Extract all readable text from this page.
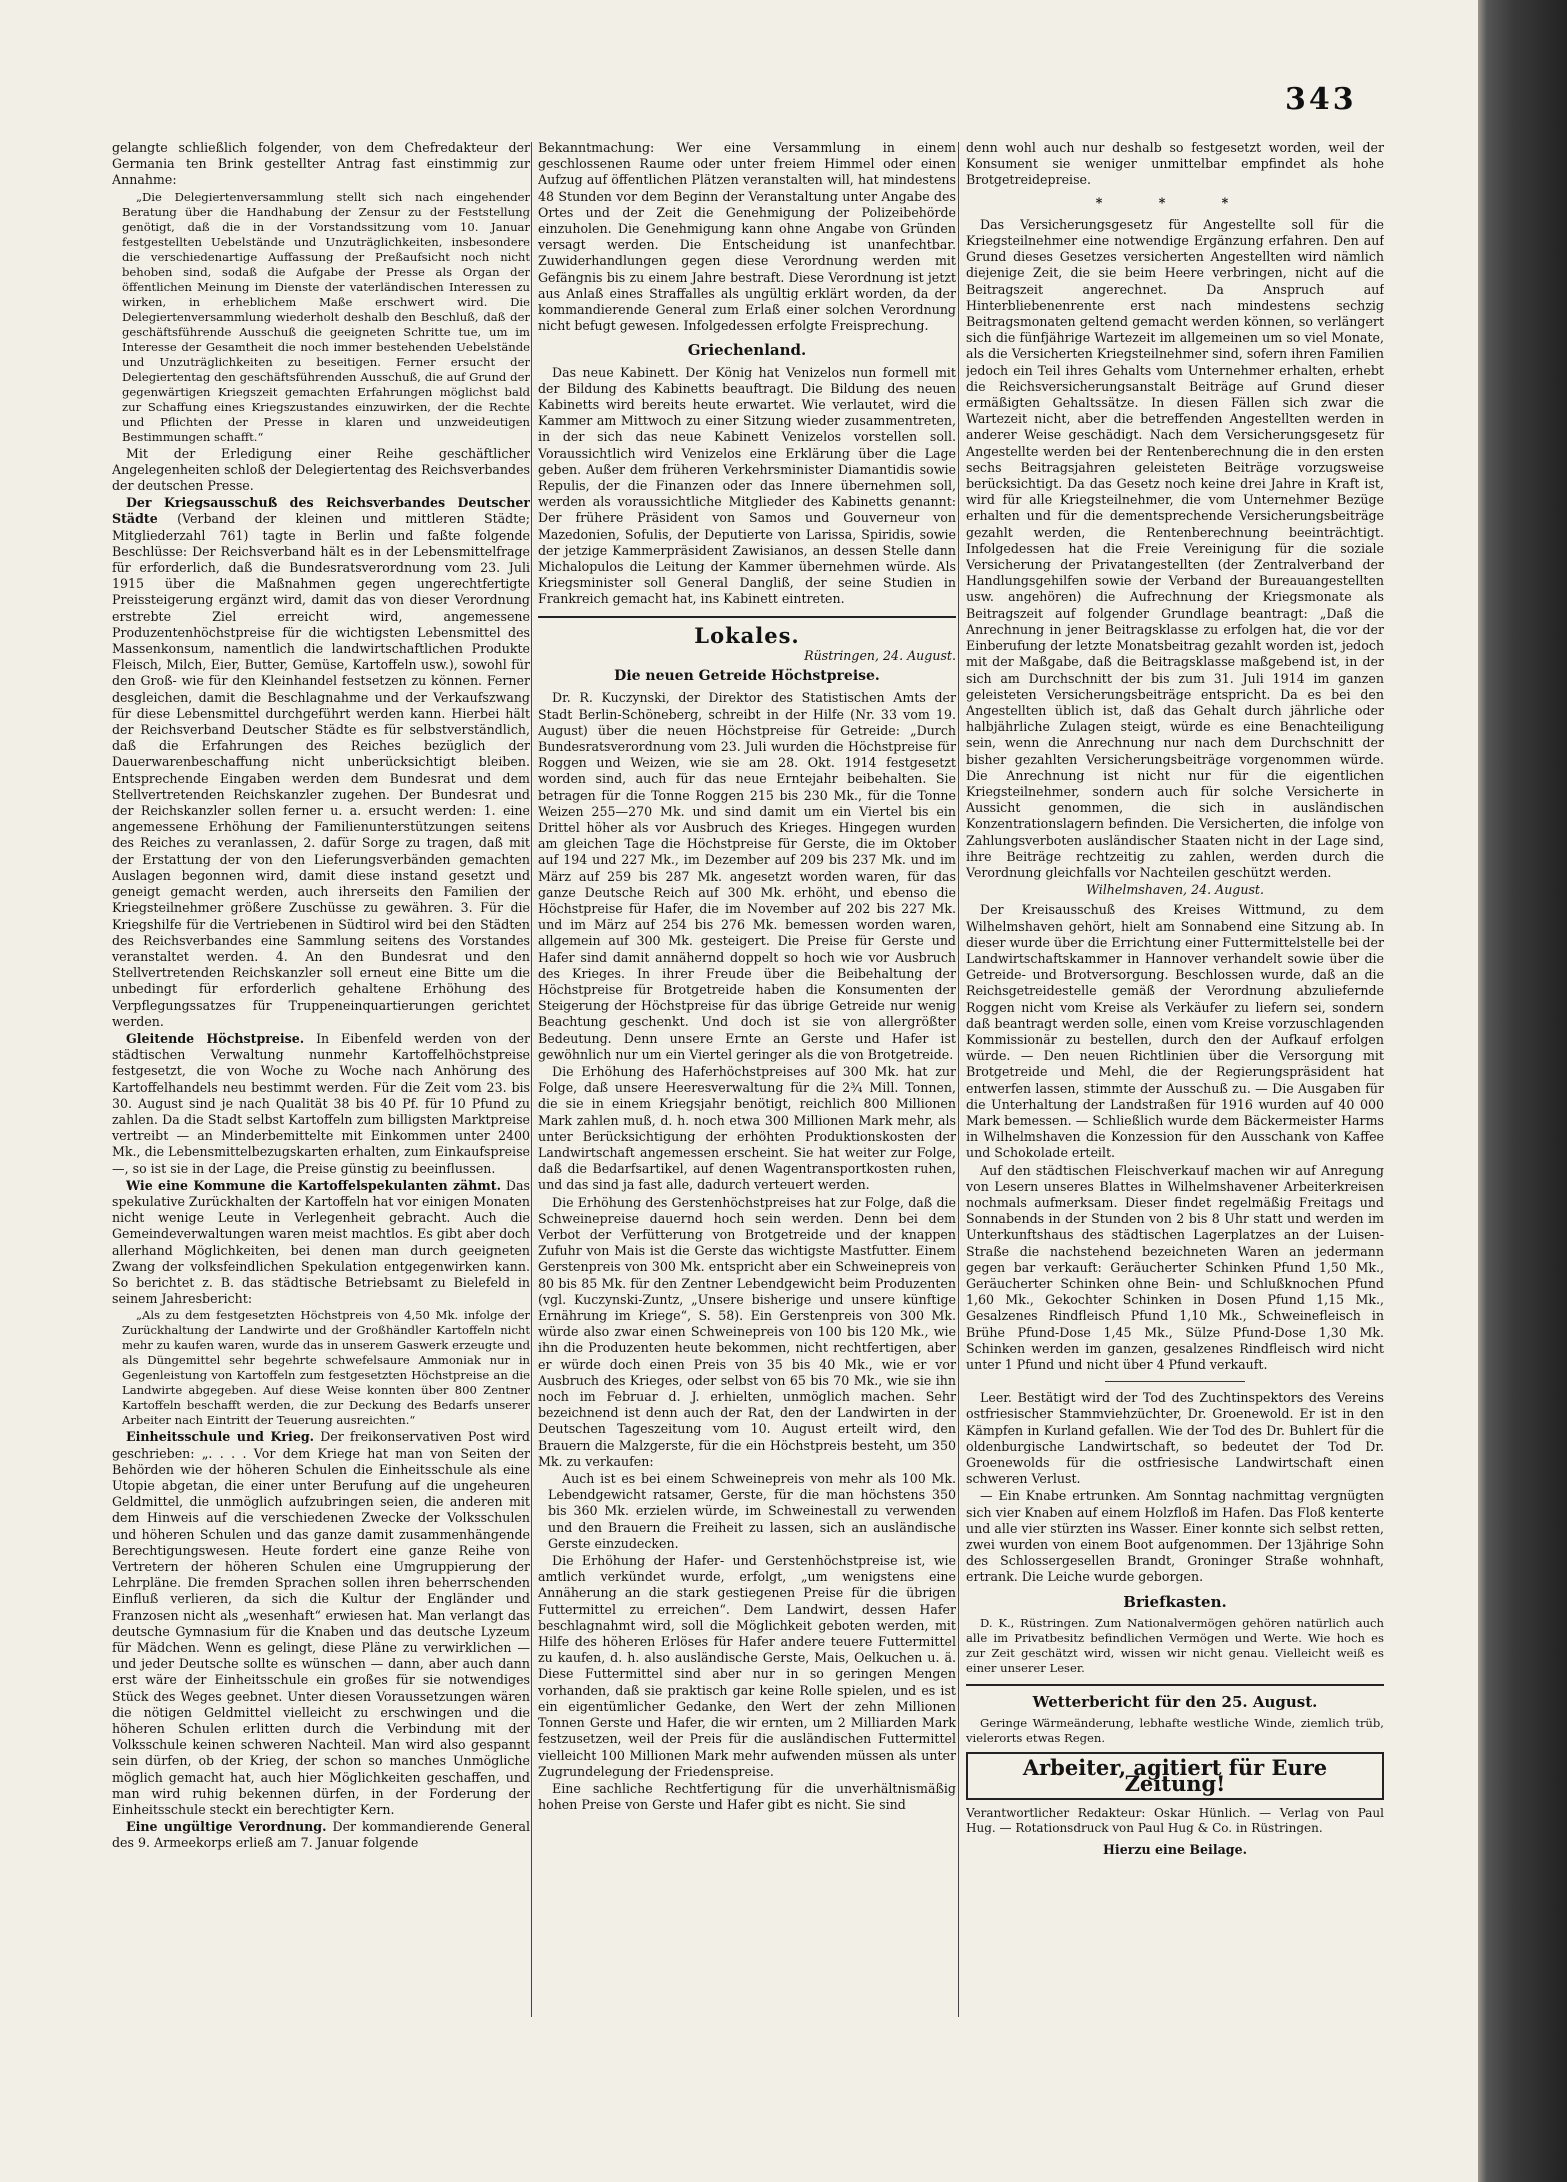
343

gelangte schließlich folgender, von dem Chefredakteur der Germania ten Brink gestellter Antrag fast einstimmig zur Annahme:

„Die Delegiertenversammlung stellt sich nach eingehender Beratung über die Handhabung der Zensur zu der Feststellung genötigt, daß die in der Vorstandssitzung vom 10. Januar festgestellten Uebelstände und Unzuträglichkeiten, insbesondere die verschiedenartige Auffassung der Preßaufsicht noch nicht behoben sind, sodaß die Aufgabe der Presse als Organ der öffentlichen Meinung im Dienste der vaterländischen Interessen zu wirken, in erheblichem Maße erschwert wird. Die Delegiertenversammlung wiederholt deshalb den Beschluß, daß der geschäftsführende Ausschuß die geeigneten Schritte tue, um im Interesse der Gesamtheit die noch immer bestehenden Uebelstände und Unzuträglichkeiten zu beseitigen. Ferner ersucht der Delegiertentag den geschäftsführenden Ausschuß, die auf Grund der gegenwärtigen Kriegszeit gemachten Erfahrungen möglichst bald zur Schaffung eines Kriegszustandes einzuwirken, der die Rechte und Pflichten der Presse in klaren und unzweideutigen Bestimmungen schafft.“

Mit der Erledigung einer Reihe geschäftlicher Angelegenheiten schloß der Delegiertentag des Reichsverbandes der deutschen Presse.

Der Kriegsausschuß des Reichsverbandes Deutscher Städte (Verband der kleinen und mittleren Städte; Mitgliederzahl 761) tagte in Berlin und faßte folgende Beschlüsse: Der Reichsverband hält es in der Lebensmittelfrage für erforderlich, daß die Bundesratsverordnung vom 23. Juli 1915 über die Maßnahmen gegen ungerechtfertigte Preissteigerung ergänzt wird, damit das von dieser Verordnung erstrebte Ziel erreicht wird, angemessene Produzentenhöchstpreise für die wichtigsten Lebensmittel des Massenkonsum, namentlich die landwirtschaftlichen Produkte Fleisch, Milch, Eier, Butter, Gemüse, Kartoffeln usw.), sowohl für den Groß- wie für den Kleinhandel festsetzen zu können. Ferner desgleichen, damit die Beschlagnahme und der Verkaufszwang für diese Lebensmittel durchgeführt werden kann. Hierbei hält der Reichsverband Deutscher Städte es für selbstverständlich, daß die Erfahrungen des Reiches bezüglich der Dauerwarenbeschaffung nicht unberücksichtigt bleiben. Entsprechende Eingaben werden dem Bundesrat und dem Stellvertretenden Reichskanzler zugehen. Der Bundesrat und der Reichskanzler sollen ferner u. a. ersucht werden: 1. eine angemessene Erhöhung der Familienunterstützungen seitens des Reiches zu veranlassen, 2. dafür Sorge zu tragen, daß mit der Erstattung der von den Lieferungsverbänden gemachten Auslagen begonnen wird, damit diese instand gesetzt und geneigt gemacht werden, auch ihrerseits den Familien der Kriegsteilnehmer größere Zuschüsse zu gewähren. 3. Für die Kriegshilfe für die Vertriebenen in Südtirol wird bei den Städten des Reichsverbandes eine Sammlung seitens des Vorstandes veranstaltet werden. 4. An den Bundesrat und den Stellvertretenden Reichskanzler soll erneut eine Bitte um die unbedingt für erforderlich gehaltene Erhöhung des Verpflegungssatzes für Truppeneinquartierungen gerichtet werden.

Gleitende Höchstpreise. In Eibenfeld werden von der städtischen Verwaltung nunmehr Kartoffelhöchstpreise festgesetzt, die von Woche zu Woche nach Anhörung des Kartoffelhandels neu bestimmt werden. Für die Zeit vom 23. bis 30. August sind je nach Qualität 38 bis 40 Pf. für 10 Pfund zu zahlen. Da die Stadt selbst Kartoffeln zum billigsten Marktpreise vertreibt — an Minderbemittelte mit Einkommen unter 2400 Mk., die Lebensmittelbezugskarten erhalten, zum Einkaufspreise —, so ist sie in der Lage, die Preise günstig zu beeinflussen.

Wie eine Kommune die Kartoffelspekulanten zähmt. Das spekulative Zurückhalten der Kartoffeln hat vor einigen Monaten nicht wenige Leute in Verlegenheit gebracht. Auch die Gemeindeverwaltungen waren meist machtlos. Es gibt aber doch allerhand Möglichkeiten, bei denen man durch geeigneten Zwang der volksfeindlichen Spekulation entgegenwirken kann. So berichtet z. B. das städtische Betriebsamt zu Bielefeld in seinem Jahresbericht:

„Als zu dem festgesetzten Höchstpreis von 4,50 Mk. infolge der Zurückhaltung der Landwirte und der Großhändler Kartoffeln nicht mehr zu kaufen waren, wurde das in unserem Gaswerk erzeugte und als Düngemittel sehr begehrte schwefelsaure Ammoniak nur in Gegenleistung von Kartoffeln zum festgesetzten Höchstpreise an die Landwirte abgegeben. Auf diese Weise konnten über 800 Zentner Kartoffeln beschafft werden, die zur Deckung des Bedarfs unserer Arbeiter nach Eintritt der Teuerung ausreichten.“

Einheitsschule und Krieg. Der freikonservativen Post wird geschrieben: „. . . . Vor dem Kriege hat man von Seiten der Behörden wie der höheren Schulen die Einheitsschule als eine Utopie abgetan, die einer unter Berufung auf die ungeheuren Geldmittel, die unmöglich aufzubringen seien, die anderen mit dem Hinweis auf die verschiedenen Zwecke der Volksschulen und höheren Schulen und das ganze damit zusammenhängende Berechtigungswesen. Heute fordert eine ganze Reihe von Vertretern der höheren Schulen eine Umgruppierung der Lehrpläne. Die fremden Sprachen sollen ihren beherrschenden Einfluß verlieren, da sich die Kultur der Engländer und Franzosen nicht als „wesenhaft“ erwiesen hat. Man verlangt das deutsche Gymnasium für die Knaben und das deutsche Lyzeum für Mädchen. Wenn es gelingt, diese Pläne zu verwirklichen — und jeder Deutsche sollte es wünschen — dann, aber auch dann erst wäre der Einheitsschule ein großes für sie notwendiges Stück des Weges geebnet. Unter diesen Voraussetzungen wären die nötigen Geldmittel vielleicht zu erschwingen und die höheren Schulen erlitten durch die Verbindung mit der Volksschule keinen schweren Nachteil. Man wird also gespannt sein dürfen, ob der Krieg, der schon so manches Unmögliche möglich gemacht hat, auch hier Möglichkeiten geschaffen, und man wird ruhig bekennen dürfen, in der Forderung der Einheitsschule steckt ein berechtigter Kern.

Eine ungültige Verordnung. Der kommandierende General des 9. Armeekorps erließ am 7. Januar folgende

Bekanntmachung: Wer eine Versammlung in einem geschlossenen Raume oder unter freiem Himmel oder einen Aufzug auf öffentlichen Plätzen veranstalten will, hat mindestens 48 Stunden vor dem Beginn der Veranstaltung unter Angabe des Ortes und der Zeit die Genehmigung der Polizeibehörde einzuholen. Die Genehmigung kann ohne Angabe von Gründen versagt werden. Die Entscheidung ist unanfechtbar. Zuwiderhandlungen gegen diese Verordnung werden mit Gefängnis bis zu einem Jahre bestraft. Diese Verordnung ist jetzt aus Anlaß eines Straffalles als ungültig erklärt worden, da der kommandierende General zum Erlaß einer solchen Verordnung nicht befugt gewesen. Infolgedessen erfolgte Freisprechung.

Griechenland.

Das neue Kabinett. Der König hat Venizelos nun formell mit der Bildung des Kabinetts beauftragt. Die Bildung des neuen Kabinetts wird bereits heute erwartet. Wie verlautet, wird die Kammer am Mittwoch zu einer Sitzung wieder zusammentreten, in der sich das neue Kabinett Venizelos vorstellen soll. Voraussichtlich wird Venizelos eine Erklärung über die Lage geben. Außer dem früheren Verkehrsminister Diamantidis sowie Repulis, der die Finanzen oder das Innere übernehmen soll, werden als voraussichtliche Mitglieder des Kabinetts genannt: Der frühere Präsident von Samos und Gouverneur von Mazedonien, Sofulis, der Deputierte von Larissa, Spiridis, sowie der jetzige Kammerpräsident Zawisianos, an dessen Stelle dann Michalopulos die Leitung der Kammer übernehmen würde. Als Kriegsminister soll General Dangliß, der seine Studien in Frankreich gemacht hat, ins Kabinett eintreten.

Lokales.
Rüstringen, 24. August.
Die neuen Getreide Höchstpreise.

Dr. R. Kuczynski, der Direktor des Statistischen Amts der Stadt Berlin-Schöneberg, schreibt in der Hilfe (Nr. 33 vom 19. August) über die neuen Höchstpreise für Getreide: „Durch Bundesratsverordnung vom 23. Juli wurden die Höchstpreise für Roggen und Weizen, wie sie am 28. Okt. 1914 festgesetzt worden sind, auch für das neue Erntejahr beibehalten. Sie betragen für die Tonne Roggen 215 bis 230 Mk., für die Tonne Weizen 255—270 Mk. und sind damit um ein Viertel bis ein Drittel höher als vor Ausbruch des Krieges. Hingegen wurden am gleichen Tage die Höchstpreise für Gerste, die im Oktober auf 194 und 227 Mk., im Dezember auf 209 bis 237 Mk. und im März auf 259 bis 287 Mk. angesetzt worden waren, für das ganze Deutsche Reich auf 300 Mk. erhöht, und ebenso die Höchstpreise für Hafer, die im November auf 202 bis 227 Mk. und im März auf 254 bis 276 Mk. bemessen worden waren, allgemein auf 300 Mk. gesteigert. Die Preise für Gerste und Hafer sind damit annähernd doppelt so hoch wie vor Ausbruch des Krieges. In ihrer Freude über die Beibehaltung der Höchstpreise für Brotgetreide haben die Konsumenten der Steigerung der Höchstpreise für das übrige Getreide nur wenig Beachtung geschenkt. Und doch ist sie von allergrößter Bedeutung. Denn unsere Ernte an Gerste und Hafer ist gewöhnlich nur um ein Viertel geringer als die von Brotgetreide.

Die Erhöhung des Haferhöchstpreises auf 300 Mk. hat zur Folge, daß unsere Heeresverwaltung für die 2¾ Mill. Tonnen, die sie in einem Kriegsjahr benötigt, reichlich 800 Millionen Mark zahlen muß, d. h. noch etwa 300 Millionen Mark mehr, als unter Berücksichtigung der erhöhten Produktionskosten der Landwirtschaft angemessen erscheint. Sie hat weiter zur Folge, daß die Bedarfsartikel, auf denen Wagentransportkosten ruhen, und das sind ja fast alle, dadurch verteuert werden.

Die Erhöhung des Gerstenhöchstpreises hat zur Folge, daß die Schweinepreise dauernd hoch sein werden. Denn bei dem Verbot der Verfütterung von Brotgetreide und der knappen Zufuhr von Mais ist die Gerste das wichtigste Mastfutter. Einem Gerstenpreis von 300 Mk. entspricht aber ein Schweinepreis von 80 bis 85 Mk. für den Zentner Lebendgewicht beim Produzenten (vgl. Kuczynski-Zuntz, „Unsere bisherige und unsere künftige Ernährung im Kriege“, S. 58). Ein Gerstenpreis von 300 Mk. würde also zwar einen Schweinepreis von 100 bis 120 Mk., wie ihn die Produzenten heute bekommen, nicht rechtfertigen, aber er würde doch einen Preis von 35 bis 40 Mk., wie er vor Ausbruch des Krieges, oder selbst von 65 bis 70 Mk., wie sie ihn noch im Februar d. J. erhielten, unmöglich machen. Sehr bezeichnend ist denn auch der Rat, den der Landwirten in der Deutschen Tageszeitung vom 10. August erteilt wird, den Brauern die Malzgerste, für die ein Höchstpreis besteht, um 350 Mk. zu verkaufen:

Auch ist es bei einem Schweinepreis von mehr als 100 Mk. Lebendgewicht ratsamer, Gerste, für die man höchstens 350 bis 360 Mk. erzielen würde, im Schweinestall zu verwenden und den Brauern die Freiheit zu lassen, sich an ausländische Gerste einzudecken.

Die Erhöhung der Hafer- und Gerstenhöchstpreise ist, wie amtlich verkündet wurde, erfolgt, „um wenigstens eine Annäherung an die stark gestiegenen Preise für die übrigen Futtermittel zu erreichen“. Dem Landwirt, dessen Hafer beschlagnahmt wird, soll die Möglichkeit geboten werden, mit Hilfe des höheren Erlöses für Hafer andere teuere Futtermittel zu kaufen, d. h. also ausländische Gerste, Mais, Oelkuchen u. ä. Diese Futtermittel sind aber nur in so geringen Mengen vorhanden, daß sie praktisch gar keine Rolle spielen, und es ist ein eigentümlicher Gedanke, den Wert der zehn Millionen Tonnen Gerste und Hafer, die wir ernten, um 2 Milliarden Mark festzusetzen, weil der Preis für die ausländischen Futtermittel vielleicht 100 Millionen Mark mehr aufwenden müssen als unter Zugrundelegung der Friedenspreise.

Eine sachliche Rechtfertigung für die unverhältnismäßig hohen Preise von Gerste und Hafer gibt es nicht. Sie sind

denn wohl auch nur deshalb so festgesetzt worden, weil der Konsument sie weniger unmittelbar empfindet als hohe Brotgetreidepreise.

* * *

Das Versicherungsgesetz für Angestellte soll für die Kriegsteilnehmer eine notwendige Ergänzung erfahren. Den auf Grund dieses Gesetzes versicherten Angestellten wird nämlich diejenige Zeit, die sie beim Heere verbringen, nicht auf die Beitragszeit angerechnet. Da Anspruch auf Hinterbliebenenrente erst nach mindestens sechzig Beitragsmonaten geltend gemacht werden können, so verlängert sich die fünfjährige Wartezeit im allgemeinen um so viel Monate, als die Versicherten Kriegsteilnehmer sind, sofern ihren Familien jedoch ein Teil ihres Gehalts vom Unternehmer erhalten, erhebt die Reichsversicherungsanstalt Beiträge auf Grund dieser ermäßigten Gehaltssätze. In diesen Fällen sich zwar die Wartezeit nicht, aber die betreffenden Angestellten werden in anderer Weise geschädigt. Nach dem Versicherungsgesetz für Angestellte werden bei der Rentenberechnung die in den ersten sechs Beitragsjahren geleisteten Beiträge vorzugsweise berücksichtigt. Da das Gesetz noch keine drei Jahre in Kraft ist, wird für alle Kriegsteilnehmer, die vom Unternehmer Bezüge erhalten und für die dementsprechende Versicherungsbeiträge gezahlt werden, die Rentenberechnung beeinträchtigt. Infolgedessen hat die Freie Vereinigung für die soziale Versicherung der Privatangestellten (der Zentralverband der Handlungsgehilfen sowie der Verband der Bureauangestellten usw. angehören) die Aufrechnung der Kriegsmonate als Beitragszeit auf folgender Grundlage beantragt: „Daß die Anrechnung in jener Beitragsklasse zu erfolgen hat, die vor der Einberufung der letzte Monatsbeitrag gezahlt worden ist, jedoch mit der Maßgabe, daß die Beitragsklasse maßgebend ist, in der sich am Durchschnitt der bis zum 31. Juli 1914 im ganzen geleisteten Versicherungsbeiträge entspricht. Da es bei den Angestellten üblich ist, daß das Gehalt durch jährliche oder halbjährliche Zulagen steigt, würde es eine Benachteiligung sein, wenn die Anrechnung nur nach dem Durchschnitt der bisher gezahlten Versicherungsbeiträge vorgenommen würde. Die Anrechnung ist nicht nur für die eigentlichen Kriegsteilnehmer, sondern auch für solche Versicherte in Aussicht genommen, die sich in ausländischen Konzentrationslagern befinden. Die Versicherten, die infolge von Zahlungsverboten ausländischer Staaten nicht in der Lage sind, ihre Beiträge rechtzeitig zu zahlen, werden durch die Verordnung gleichfalls vor Nachteilen geschützt werden.

Wilhelmshaven, 24. August.

Der Kreisausschuß des Kreises Wittmund, zu dem Wilhelmshaven gehört, hielt am Sonnabend eine Sitzung ab. In dieser wurde über die Errichtung einer Futtermittelstelle bei der Landwirtschaftskammer in Hannover verhandelt sowie über die Getreide- und Brotversorgung. Beschlossen wurde, daß an die Reichsgetreidestelle gemäß der Verordnung abzuliefernde Roggen nicht vom Kreise als Verkäufer zu liefern sei, sondern daß beantragt werden solle, einen vom Kreise vorzuschlagenden Kommissionär zu bestellen, durch den der Aufkauf erfolgen würde. — Den neuen Richtlinien über die Versorgung mit Brotgetreide und Mehl, die der Regierungspräsident hat entwerfen lassen, stimmte der Ausschuß zu. — Die Ausgaben für die Unterhaltung der Landstraßen für 1916 wurden auf 40 000 Mark bemessen. — Schließlich wurde dem Bäckermeister Harms in Wilhelmshaven die Konzession für den Ausschank von Kaffee und Schokolade erteilt.

Auf den städtischen Fleischverkauf machen wir auf Anregung von Lesern unseres Blattes in Wilhelmshavener Arbeiterkreisen nochmals aufmerksam. Dieser findet regelmäßig Freitags und Sonnabends in der Stunden von 2 bis 8 Uhr statt und werden im Unterkunftshaus des städtischen Lagerplatzes an der Luisen-Straße die nachstehend bezeichneten Waren an jedermann gegen bar verkauft: Geräucherter Schinken Pfund 1,50 Mk., Geräucherter Schinken ohne Bein- und Schlußknochen Pfund 1,60 Mk., Gekochter Schinken in Dosen Pfund 1,15 Mk., Gesalzenes Rindfleisch Pfund 1,10 Mk., Schweinefleisch in Brühe Pfund-Dose 1,45 Mk., Sülze Pfund-Dose 1,30 Mk. Schinken werden im ganzen, gesalzenes Rindfleisch wird nicht unter 1 Pfund und nicht über 4 Pfund verkauft.

Leer. Bestätigt wird der Tod des Zuchtinspektors des Vereins ostfriesischer Stammviehzüchter, Dr. Groenewold. Er ist in den Kämpfen in Kurland gefallen. Wie der Tod des Dr. Buhlert für die oldenburgische Landwirtschaft, so bedeutet der Tod Dr. Groenewolds für die ostfriesische Landwirtschaft einen schweren Verlust.

— Ein Knabe ertrunken. Am Sonntag nachmittag vergnügten sich vier Knaben auf einem Holzfloß im Hafen. Das Floß kenterte und alle vier stürzten ins Wasser. Einer konnte sich selbst retten, zwei wurden von einem Boot aufgenommen. Der 13jährige Sohn des Schlossergesellen Brandt, Groninger Straße wohnhaft, ertrank. Die Leiche wurde geborgen.

Briefkasten.

D. K., Rüstringen. Zum Nationalvermögen gehören natürlich auch alle im Privatbesitz befindlichen Vermögen und Werte. Wie hoch es zur Zeit geschätzt wird, wissen wir nicht genau. Vielleicht weiß es einer unserer Leser.

Wetterbericht für den 25. August.

Geringe Wärmeänderung, lebhafte westliche Winde, ziemlich trüb, vielerorts etwas Regen.

Arbeiter, agitiert für Eure Zeitung!

Verantwortlicher Redakteur: Oskar Hünlich. — Verlag von Paul Hug. — Rotationsdruck von Paul Hug & Co. in Rüstringen.

Hierzu eine Beilage.
